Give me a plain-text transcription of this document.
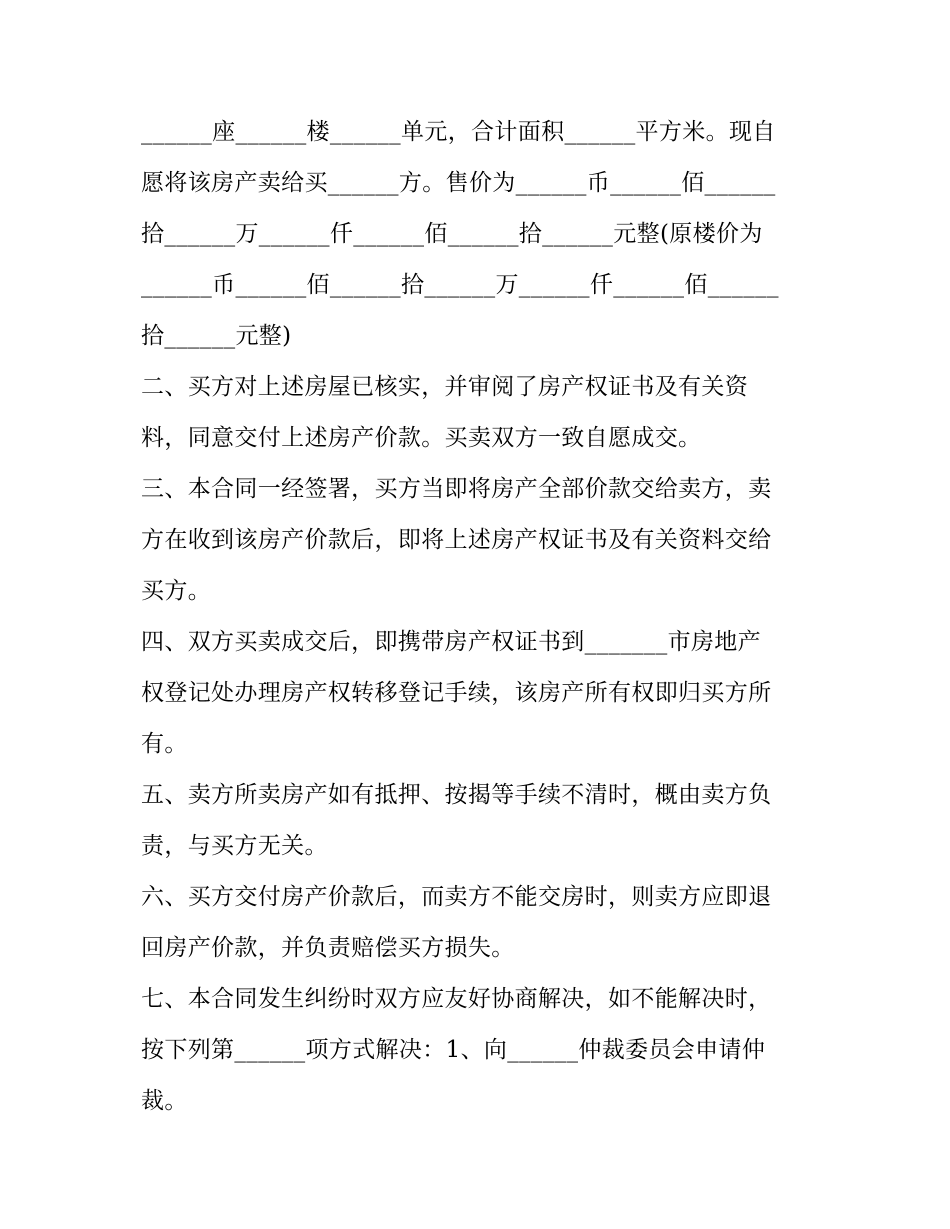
______座______楼______单元，合计面积______平方米。现自
愿将该房产卖给买______方。售价为______币______佰______
拾______万______仟______佰______拾______元整(原楼价为
______币______佰______拾______万______仟______佰______
拾______元整)
二、买方对上述房屋已核实，并审阅了房产权证书及有关资
料，同意交付上述房产价款。买卖双方一致自愿成交。
三、本合同一经签署，买方当即将房产全部价款交给卖方，卖
方在收到该房产价款后，即将上述房产权证书及有关资料交给
买方。
四、双方买卖成交后，即携带房产权证书到_______市房地产
权登记处办理房产权转移登记手续，该房产所有权即归买方所
有。
五、卖方所卖房产如有抵押、按揭等手续不清时，概由卖方负
责，与买方无关。
六、买方交付房产价款后，而卖方不能交房时，则卖方应即退
回房产价款，并负责赔偿买方损失。
七、本合同发生纠纷时双方应友好协商解决，如不能解决时，
按下列第______项方式解决：1、向______仲裁委员会申请仲
裁。
